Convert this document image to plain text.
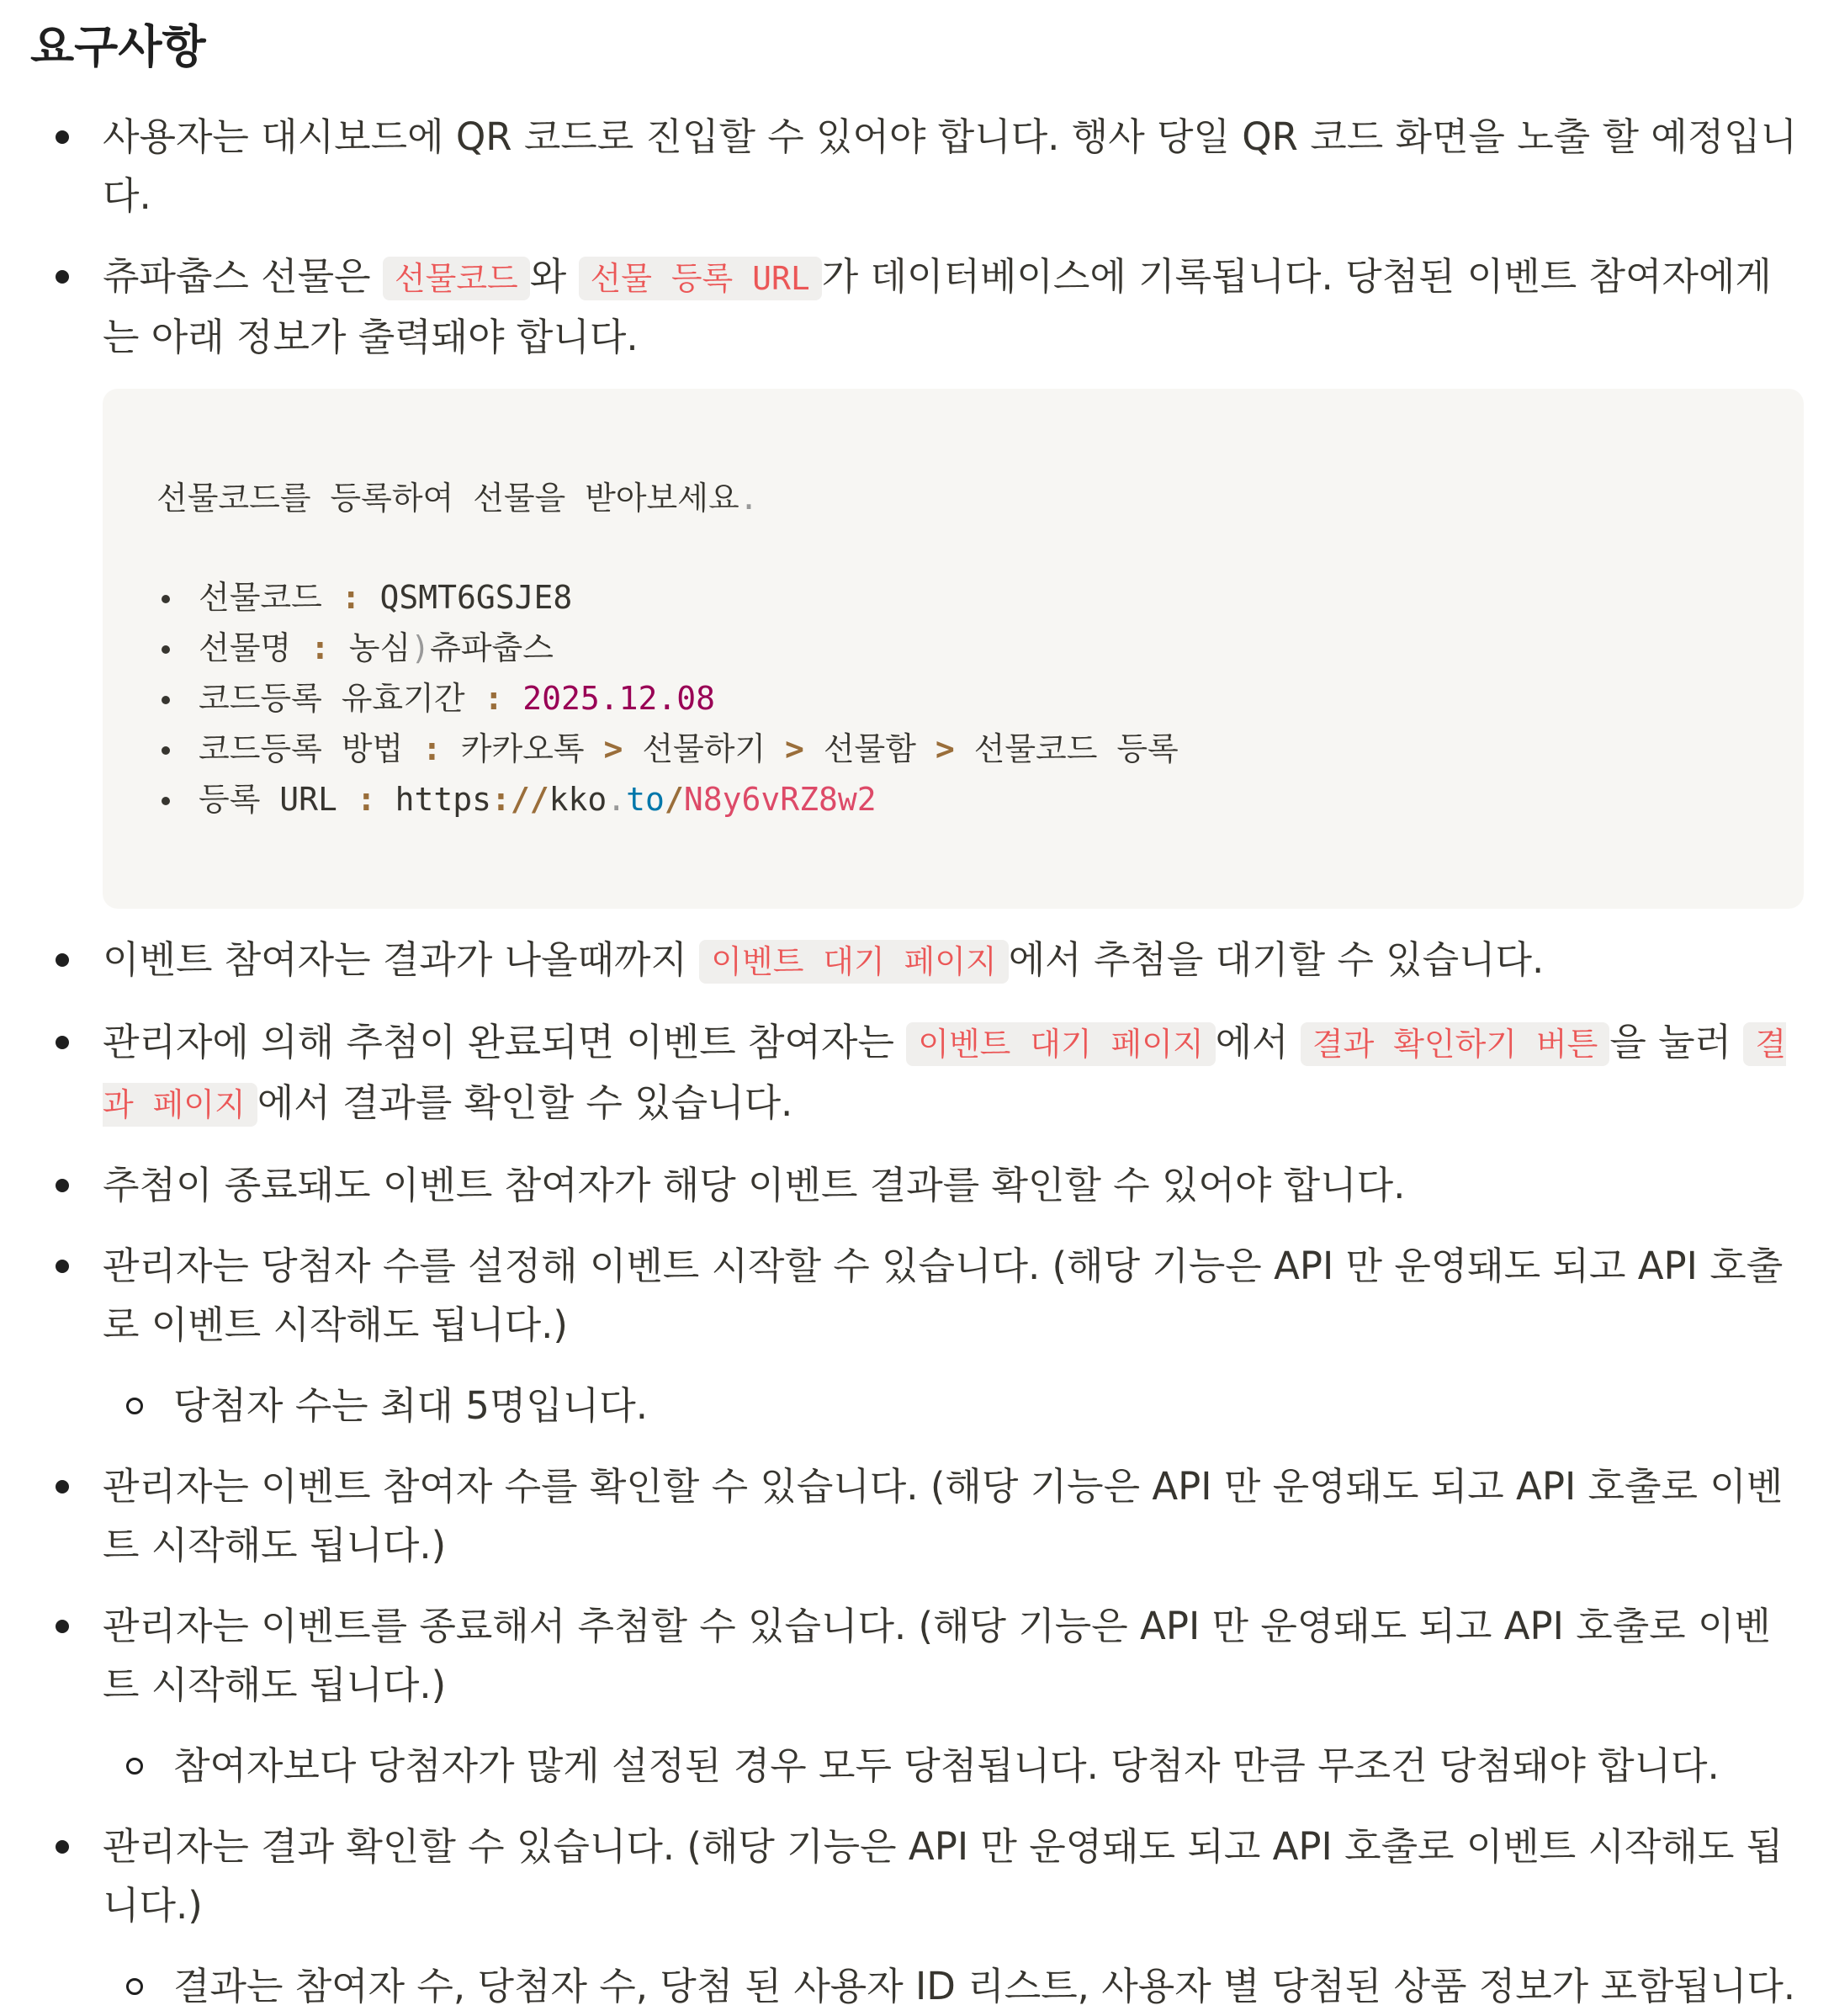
요구사항
사용자는 대시보드에 QR 코드로 진입할 수 있어야 합니다. 행사 당일 QR 코드 화면을 노출 할 예정입니다.
츄파춥스 선물은 선물코드 와 선물 등록 URL 가 데이터베이스에 기록됩니다. 당첨된 이벤트 참여자에게는 아래 정보가 출력돼야 합니다.
선물코드를 등록하여 선물을 받아보세요.
선물코드 : QSMT6GSJE8
선물명 : 농심)츄파춥스
코드등록 유효기간 : 2025.12.08
코드등록 방법 : 카카오톡 > 선물하기 > 선물함 > 선물코드 등록
등록 URL : https://kko.to/N8y6vRZ8w2
이벤트 참여자는 결과가 나올때까지 이벤트 대기 페이지 에서 추첨을 대기할 수 있습니다.
관리자에 의해 추첨이 완료되면 이벤트 참여자는 이벤트 대기 페이지 에서 결과 확인하기 버튼 을 눌러 결과 페이지 에서 결과를 확인할 수 있습니다.
추첨이 종료돼도 이벤트 참여자가 해당 이벤트 결과를 확인할 수 있어야 합니다.
관리자는 당첨자 수를 설정해 이벤트 시작할 수 있습니다. (해당 기능은 API 만 운영돼도 되고 API 호출로 이벤트 시작해도 됩니다.)
당첨자 수는 최대 5명입니다.
관리자는 이벤트 참여자 수를 확인할 수 있습니다. (해당 기능은 API 만 운영돼도 되고 API 호출로 이벤트 시작해도 됩니다.)
관리자는 이벤트를 종료해서 추첨할 수 있습니다. (해당 기능은 API 만 운영돼도 되고 API 호출로 이벤트 시작해도 됩니다.)
참여자보다 당첨자가 많게 설정된 경우 모두 당첨됩니다. 당첨자 만큼 무조건 당첨돼야 합니다.
관리자는 결과 확인할 수 있습니다. (해당 기능은 API 만 운영돼도 되고 API 호출로 이벤트 시작해도 됩니다.)
결과는 참여자 수, 당첨자 수, 당첨 된 사용자 ID 리스트, 사용자 별 당첨된 상품 정보가 포함됩니다.
